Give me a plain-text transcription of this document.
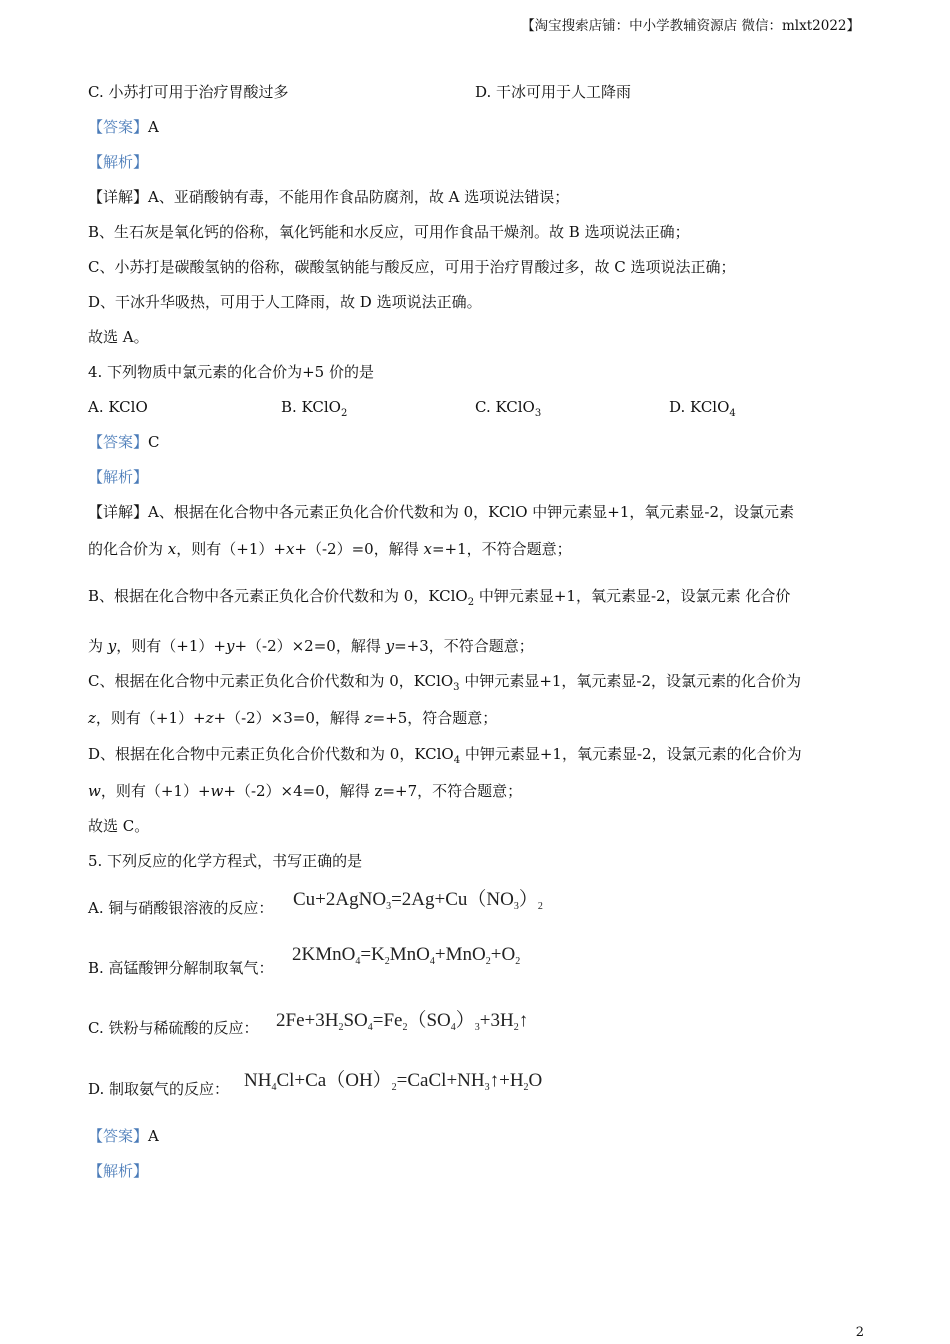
【淘宝搜索店铺：中小学教辅资源店 微信：mlxt2022】
C. 小苏打可用于治疗胃酸过多	D. 干冰可用于人工降雨
【答案】A
【解析】
【详解】A、亚硝酸钠有毒，不能用作食品防腐剂，故 A 选项说法错误；
B、生石灰是氧化钙的俗称，氧化钙能和水反应，可用作食品干燥剂。故 B 选项说法正确；
C、小苏打是碳酸氢钠的俗称，碳酸氢钠能与酸反应，可用于治疗胃酸过多，故 C 选项说法正确；
D、干冰升华吸热，可用于人工降雨，故 D 选项说法正确。
故选 A。
4. 下列物质中氯元素的化合价为+5 价的是
A. KClO	B. KClO$_2$	C. KClO$_3$	D. KClO$_4$
【答案】C
【解析】
【详解】A、根据在化合物中各元素正负化合价代数和为 0，KClO 中钾元素显+1，氧元素显-2，设氯元素
的化合价为 x，则有（+1）+x+（-2）=0，解得 x=+1，不符合题意；
B、根据在化合物中各元素正负化合价代数和为 0，KClO$_2$ 中钾元素显+1，氧元素显-2，设氯元素 化合价
为 y，则有（+1）+y+（-2）×2=0，解得 y=+3，不符合题意；
C、根据在化合物中元素正负化合价代数和为 0，KClO$_3$ 中钾元素显+1，氧元素显-2，设氯元素的化合价为
z，则有（+1）+z+（-2）×3=0，解得 z=+5，符合题意；
D、根据在化合物中元素正负化合价代数和为 0，KClO$_4$ 中钾元素显+1，氧元素显-2，设氯元素的化合价为
w，则有（+1）+w+（-2）×4=0，解得 z=+7，不符合题意；
故选 C。
5. 下列反应的化学方程式，书写正确的是
A. 铜与硝酸银溶液的反应：	$Cu+2AgNO_3=2Ag+Cu(NO_3)_2$
B. 高锰酸钾分解制取氧气：
$2KMnO_4=K_2MnO_4+MnO_2+O_2$
C. 铁粉与稀硫酸的反应： $2Fe+3H_2SO_4=Fe_2(SO_4)_3+3H_2↑$
D. 制取氨气的反应： $NH_4Cl+Ca(OH)_2=CaCl+NH_3↑+H_2O$
【答案】A
【解析】
2
